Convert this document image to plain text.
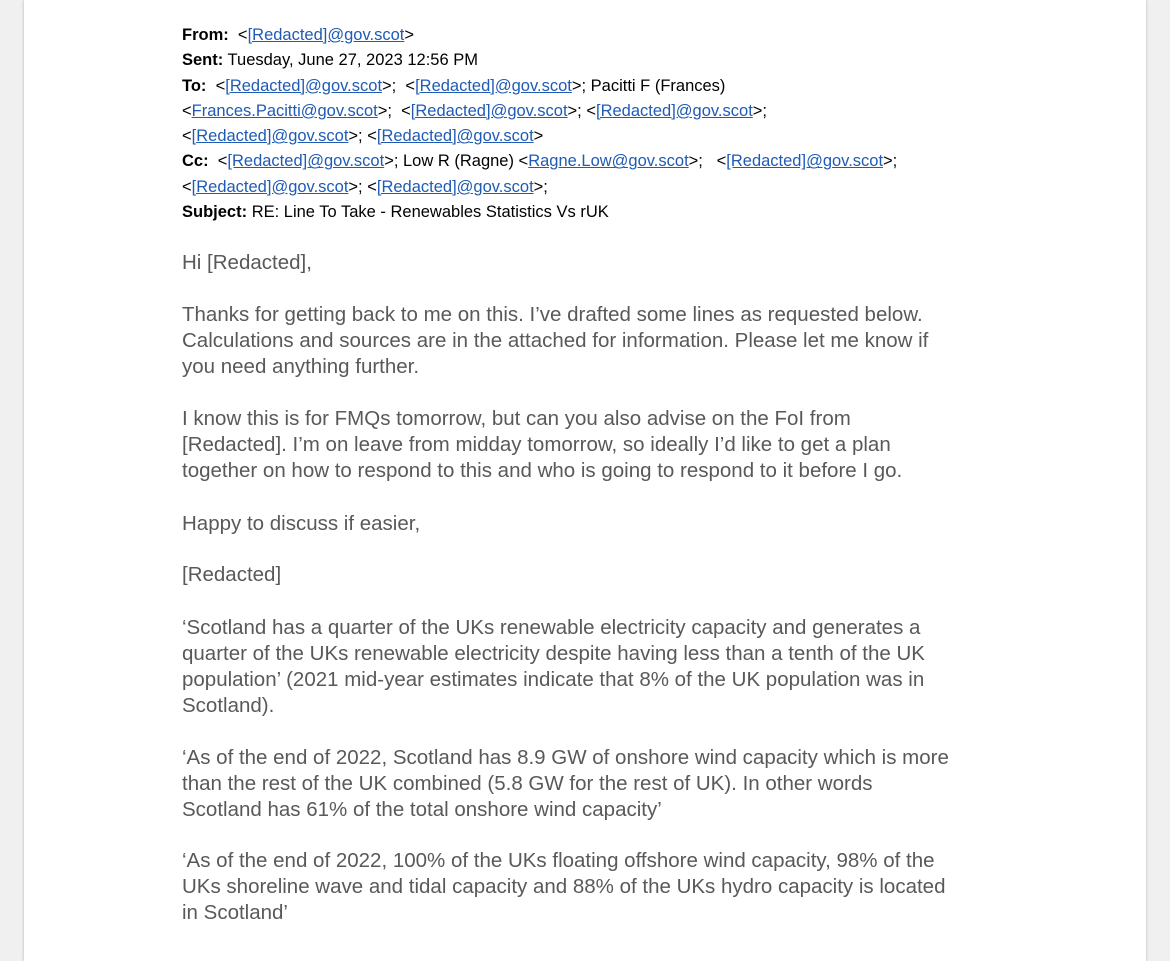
From: <[Redacted]@gov.scot>
Sent: Tuesday, June 27, 2023 12:56 PM
To:  <[Redacted]@gov.scot>;  <[Redacted]@gov.scot>; Pacitti F (Frances)
<Frances.Pacitti@gov.scot>;  <[Redacted]@gov.scot>; <[Redacted]@gov.scot>;
<[Redacted]@gov.scot>; <[Redacted]@gov.scot>
Cc:  <[Redacted]@gov.scot>; Low R (Ragne) <Ragne.Low@gov.scot>;   <[Redacted]@gov.scot>;
<[Redacted]@gov.scot>; <[Redacted]@gov.scot>;
Subject: RE: Line To Take - Renewables Statistics Vs rUK

Hi [Redacted],

Thanks for getting back to me on this. I’ve drafted some lines as requested below.

Calculations and sources are in the attached for information. Please let me know if

you need anything further.

I know this is for FMQs tomorrow, but can you also advise on the FoI from

[Redacted]. I’m on leave from midday tomorrow, so ideally I’d like to get a plan

together on how to respond to this and who is going to respond to it before I go.

Happy to discuss if easier,

[Redacted]

‘Scotland has a quarter of the UKs renewable electricity capacity and generates a

quarter of the UKs renewable electricity despite having less than a tenth of the UK

population’ (2021 mid-year estimates indicate that 8% of the UK population was in

Scotland).

‘As of the end of 2022, Scotland has 8.9 GW of onshore wind capacity which is more

than the rest of the UK combined (5.8 GW for the rest of UK). In other words

Scotland has 61% of the total onshore wind capacity’

‘As of the end of 2022, 100% of the UKs floating offshore wind capacity, 98% of the

UKs shoreline wave and tidal capacity and 88% of the UKs hydro capacity is located

in Scotland’
